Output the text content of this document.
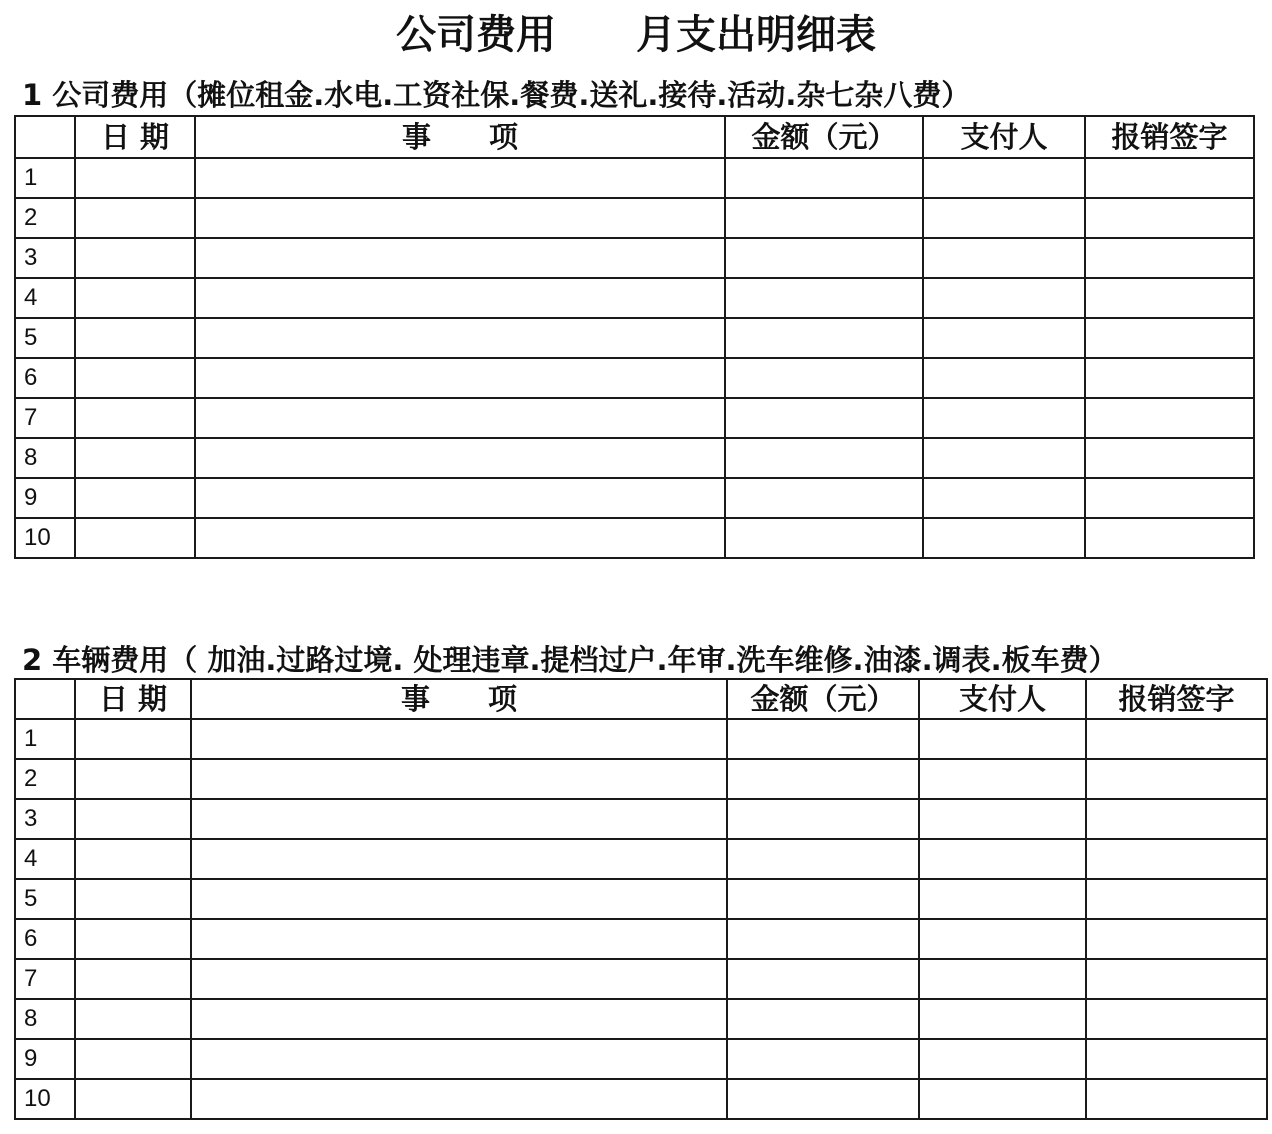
公司费用 月支出明细表
1 公司费用（摊位租金.水电.工资社保.餐费.送礼.接待.活动.杂七杂八费）
	日 期	事　　项	金额（元）	支付人	报销签字
1					
2					
3					
4					
5					
6					
7					
8					
9					
10					
2 车辆费用（ 加油.过路过境. 处理违章.提档过户.年审.洗车维修.油漆.调表.板车费）
	日 期	事　　项	金额（元）	支付人	报销签字
1					
2					
3					
4					
5					
6					
7					
8					
9					
10					
